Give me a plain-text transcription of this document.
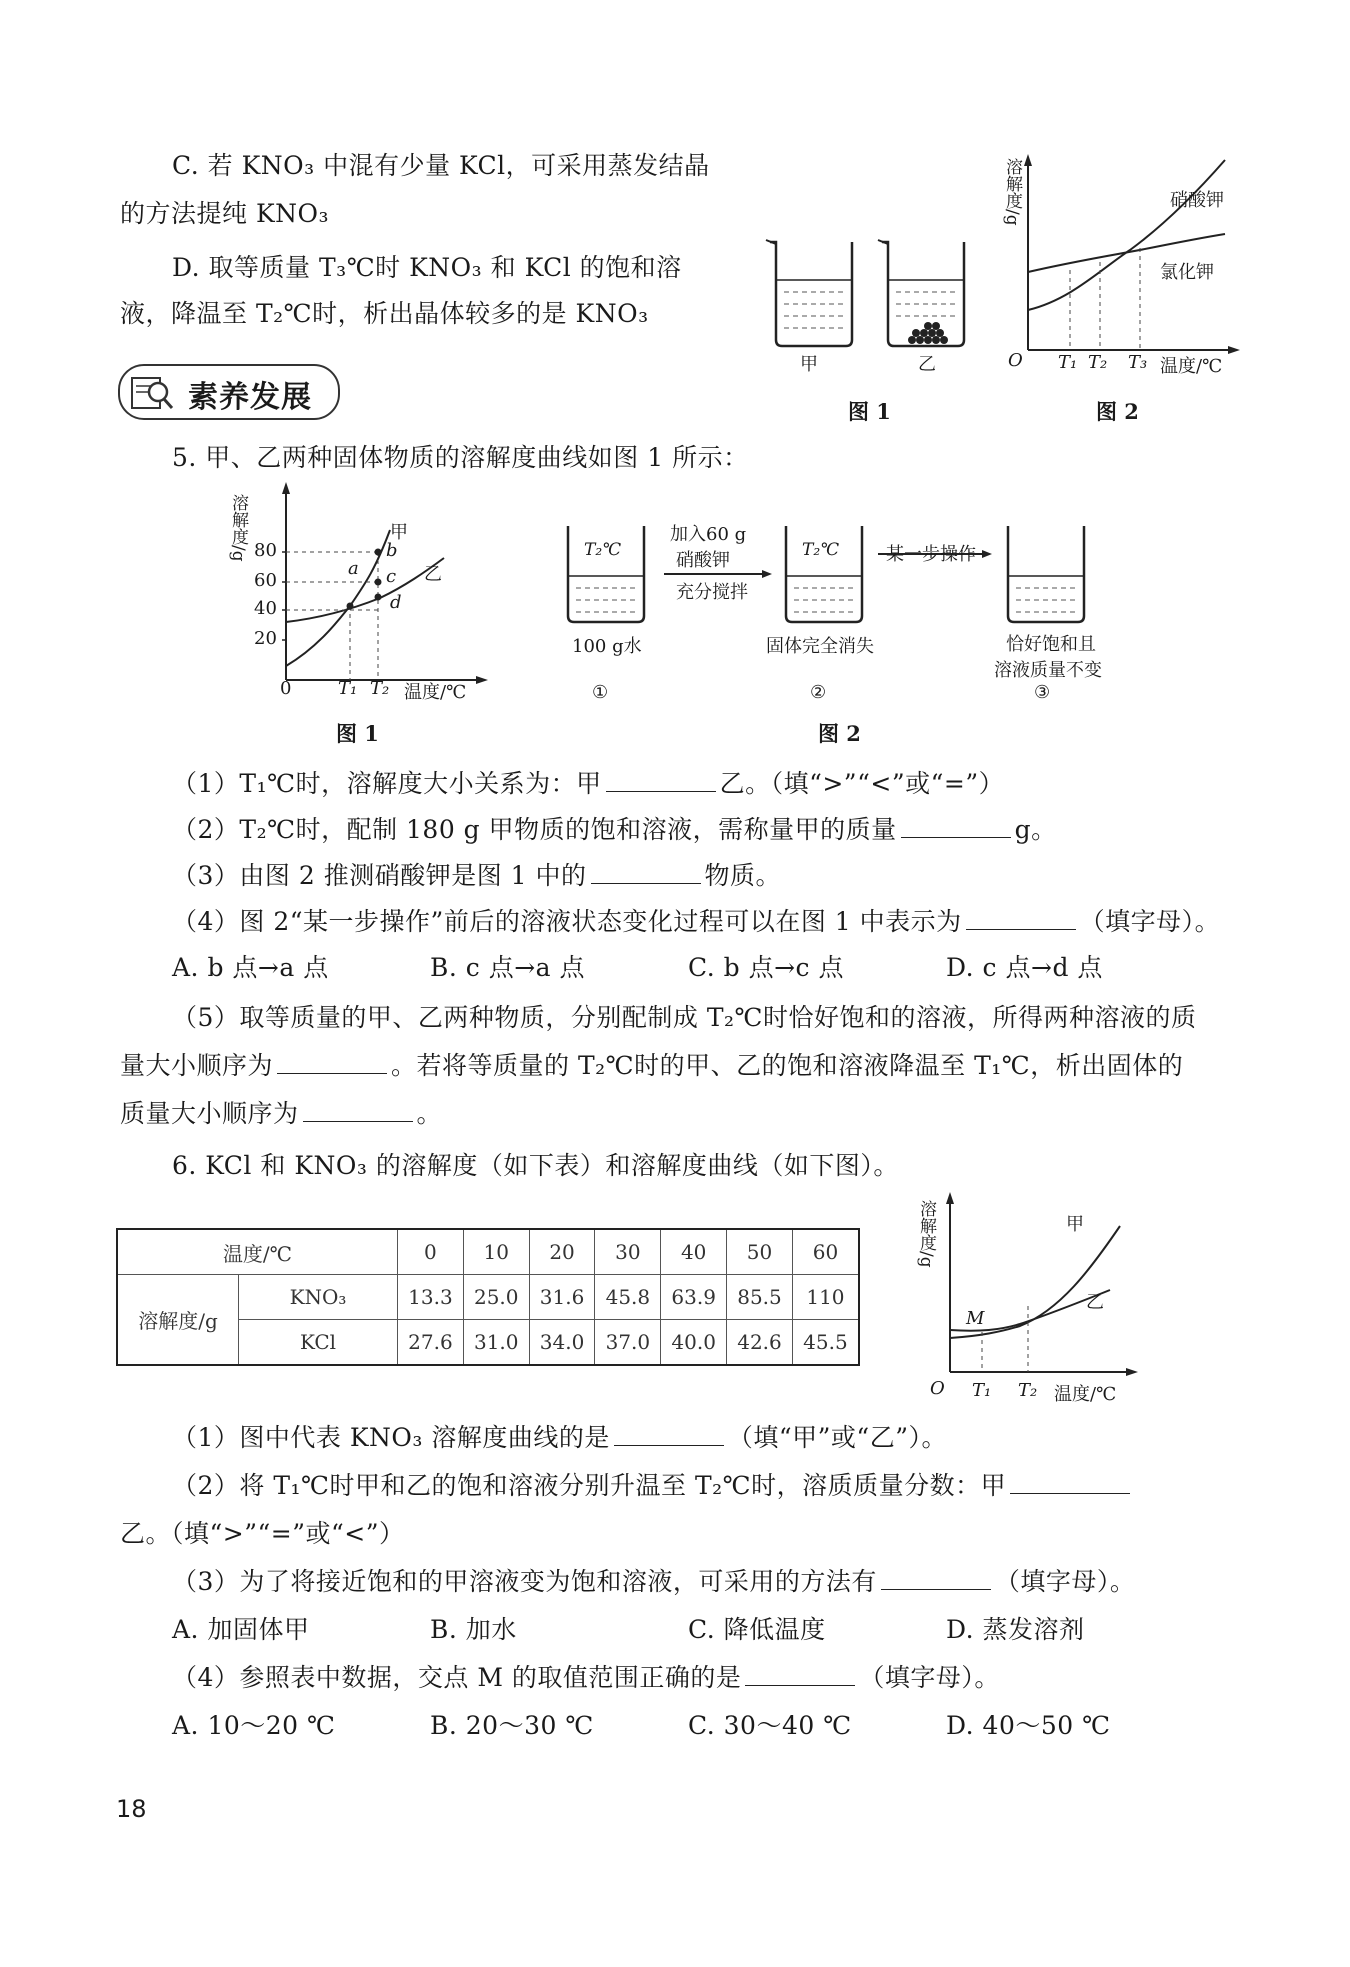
C. 若 KNO₃ 中混有少量 KCl，可采用蒸发结晶
的方法提纯 KNO₃
D. 取等质量 T₃℃时 KNO₃ 和 KCl 的饱和溶
液，降温至 T₂℃时，析出晶体较多的是 KNO₃
甲	乙
图 1
溶解度/g	硝酸钾
氯化钾
O T₁ T₂ T₃ 温度/℃
图 2
素养发展
5. 甲、乙两种固体物质的溶解度曲线如图 1 所示：
溶解度/g 80
60
40
20
甲
乙
b
a c
d
0	T₁ T₂ 温度/℃
图 1
T₂℃	T₂℃
加入60 g
硝酸钾
充分搅拌
某一步操作
100 g水	固体完全消失	恰好饱和且
溶液质量不变
①	②	③
图 2
（1）T₁℃时，溶解度大小关系为：甲	乙。（填“>”“<”或“=”）
（2）T₂℃时，配制 180 g 甲物质的饱和溶液，需称量甲的质量	g。
（3）由图 2 推测硝酸钾是图 1 中的	物质。
（4）图 2“某一步操作”前后的溶液状态变化过程可以在图 1 中表示为	（填字母）。
A. b 点→a 点	B. c 点→a 点	C. b 点→c 点	D. c 点→d 点
（5）取等质量的甲、乙两种物质，分别配制成 T₂℃时恰好饱和的溶液，所得两种溶液的质
量大小顺序为	。若将等质量的 T₂℃时的甲、乙的饱和溶液降温至 T₁℃，析出固体的
质量大小顺序为	。
6. KCl 和 KNO₃ 的溶解度（如下表）和溶解度曲线（如下图）。
温度/℃		0	10	20	30	40	50	60
溶解度/g	KNO₃	13.3	25.0	31.6	45.8	63.9	85.5	110
	KCl	27.6	31.0	34.0	37.0	40.0	42.6	45.5
溶解度/g	甲
乙
M
O T₁ T₂ 温度/℃
（1）图中代表 KNO₃ 溶解度曲线的是	（填“甲”或“乙”）。
（2）将 T₁℃时甲和乙的饱和溶液分别升温至 T₂℃时，溶质质量分数：甲
乙。（填“>”“=”或“<”）
（3）为了将接近饱和的甲溶液变为饱和溶液，可采用的方法有	（填字母）。
A. 加固体甲	B. 加水	C. 降低温度	D. 蒸发溶剂
（4）参照表中数据，交点 M 的取值范围正确的是	（填字母）。
A. 10～20 ℃	B. 20～30 ℃	C. 30～40 ℃	D. 40～50 ℃
18
